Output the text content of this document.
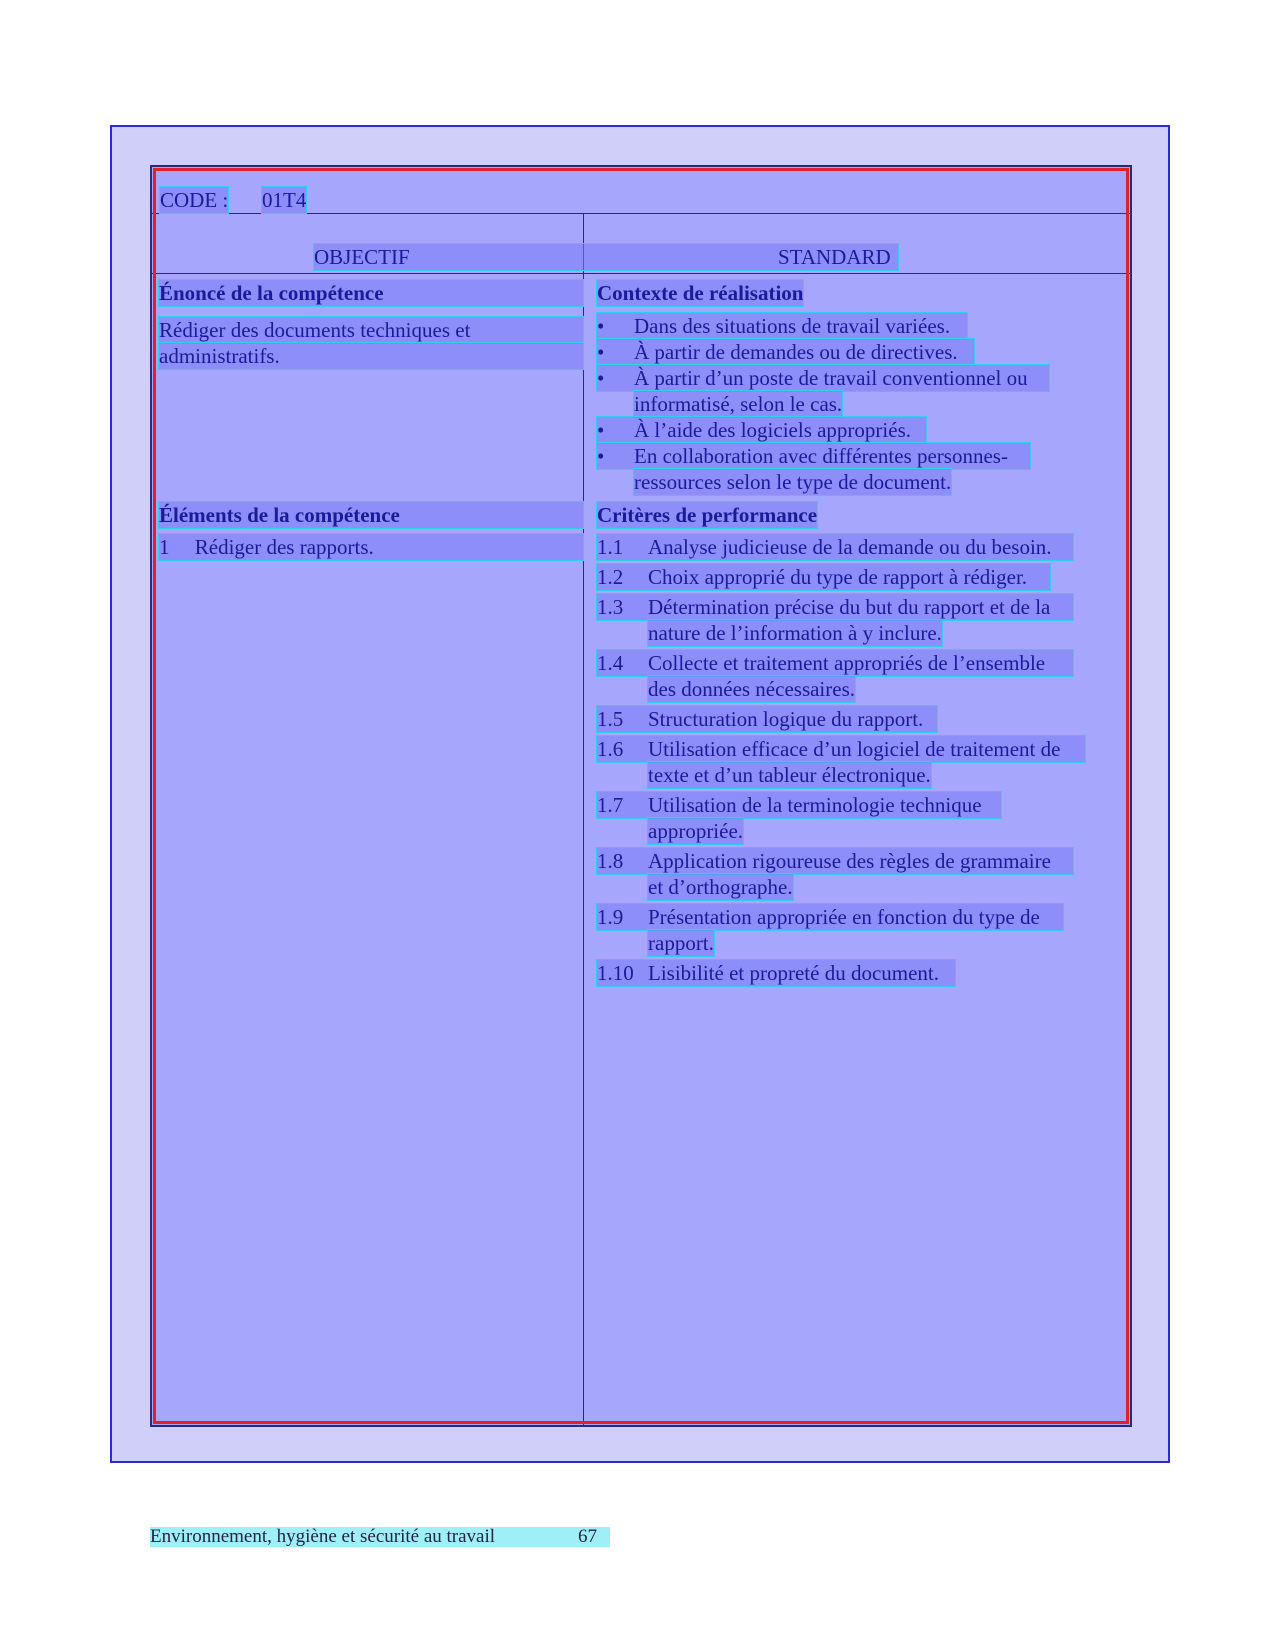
CODE : 01T4
OBJECTIF	STANDARD
Énoncé de la compétence
Rédiger des documents techniques et
administratifs.
Éléments de la compétence
1 Rédiger des rapports.
Contexte de réalisation
• Dans des situations de travail variées.
• À partir de demandes ou de directives.
• À partir d’un poste de travail conventionnel ou
informatisé, selon le cas.
• À l’aide des logiciels appropriés.
• En collaboration avec différentes personnes-
ressources selon le type de document.
Critères de performance
1.1 Analyse judicieuse de la demande ou du besoin.
1.2 Choix approprié du type de rapport à rédiger.
1.3 Détermination précise du but du rapport et de la
nature de l’information à y inclure.
1.4 Collecte et traitement appropriés de l’ensemble
des données nécessaires.
1.5 Structuration logique du rapport.
1.6 Utilisation efficace d’un logiciel de traitement de
texte et d’un tableur électronique.
1.7 Utilisation de la terminologie technique
appropriée.
1.8 Application rigoureuse des règles de grammaire
et d’orthographe.
1.9 Présentation appropriée en fonction du type de
rapport.
1.10 Lisibilité et propreté du document.
Environnement, hygiène et sécurité au travail	67
